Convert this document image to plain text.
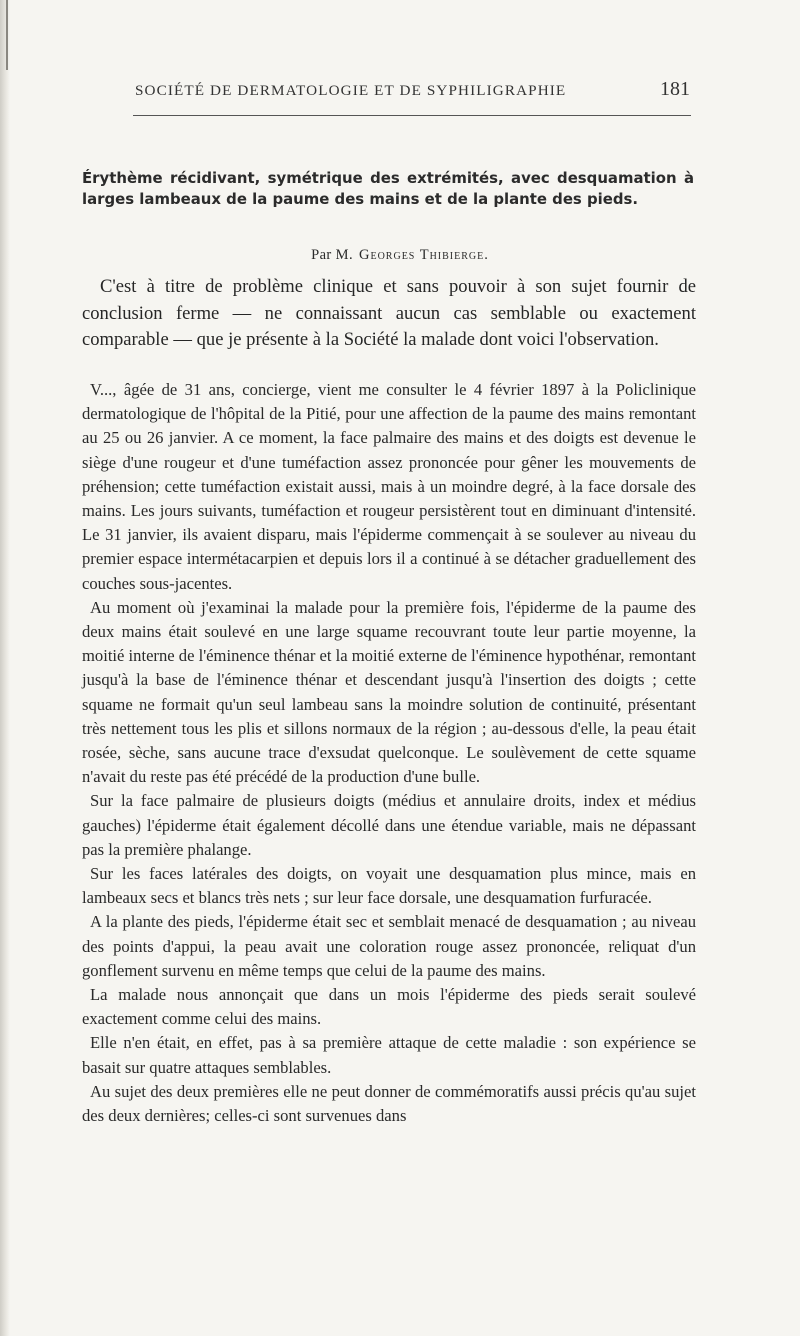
SOCIÉTÉ DE DERMATOLOGIE ET DE SYPHILIGRAPHIE	181
Érythème récidivant, symétrique des extrémités, avec desquamation à larges lambeaux de la paume des mains et de la plante des pieds.
Par M. Georges Thibierge.

C'est à titre de problème clinique et sans pouvoir à son sujet fournir de conclusion ferme — ne connaissant aucun cas semblable ou exactement comparable — que je présente à la Société la malade dont voici l'observation.

V..., âgée de 31 ans, concierge, vient me consulter le 4 février 1897 à la Policlinique dermatologique de l'hôpital de la Pitié, pour une affection de la paume des mains remontant au 25 ou 26 janvier. A ce moment, la face palmaire des mains et des doigts est devenue le siège d'une rougeur et d'une tuméfaction assez prononcée pour gêner les mouvements de préhension; cette tuméfaction existait aussi, mais à un moindre degré, à la face dorsale des mains. Les jours suivants, tuméfaction et rougeur persistèrent tout en diminuant d'intensité. Le 31 janvier, ils avaient disparu, mais l'épiderme commençait à se soulever au niveau du premier espace intermétacarpien et depuis lors il a continué à se détacher graduellement des couches sous-jacentes.

Au moment où j'examinai la malade pour la première fois, l'épiderme de la paume des deux mains était soulevé en une large squame recouvrant toute leur partie moyenne, la moitié interne de l'éminence thénar et la moitié externe de l'éminence hypothénar, remontant jusqu'à la base de l'éminence thénar et descendant jusqu'à l'insertion des doigts ; cette squame ne formait qu'un seul lambeau sans la moindre solution de continuité, présentant très nettement tous les plis et sillons normaux de la région ; au-dessous d'elle, la peau était rosée, sèche, sans aucune trace d'exsudat quelconque. Le soulèvement de cette squame n'avait du reste pas été précédé de la production d'une bulle.

Sur la face palmaire de plusieurs doigts (médius et annulaire droits, index et médius gauches) l'épiderme était également décollé dans une étendue variable, mais ne dépassant pas la première phalange.

Sur les faces latérales des doigts, on voyait une desquamation plus mince, mais en lambeaux secs et blancs très nets ; sur leur face dorsale, une desquamation furfuracée.

A la plante des pieds, l'épiderme était sec et semblait menacé de desquamation ; au niveau des points d'appui, la peau avait une coloration rouge assez prononcée, reliquat d'un gonflement survenu en même temps que celui de la paume des mains.

La malade nous annonçait que dans un mois l'épiderme des pieds serait soulevé exactement comme celui des mains.

Elle n'en était, en effet, pas à sa première attaque de cette maladie : son expérience se basait sur quatre attaques semblables.

Au sujet des deux premières elle ne peut donner de commémoratifs aussi précis qu'au sujet des deux dernières; celles-ci sont survenues dans
